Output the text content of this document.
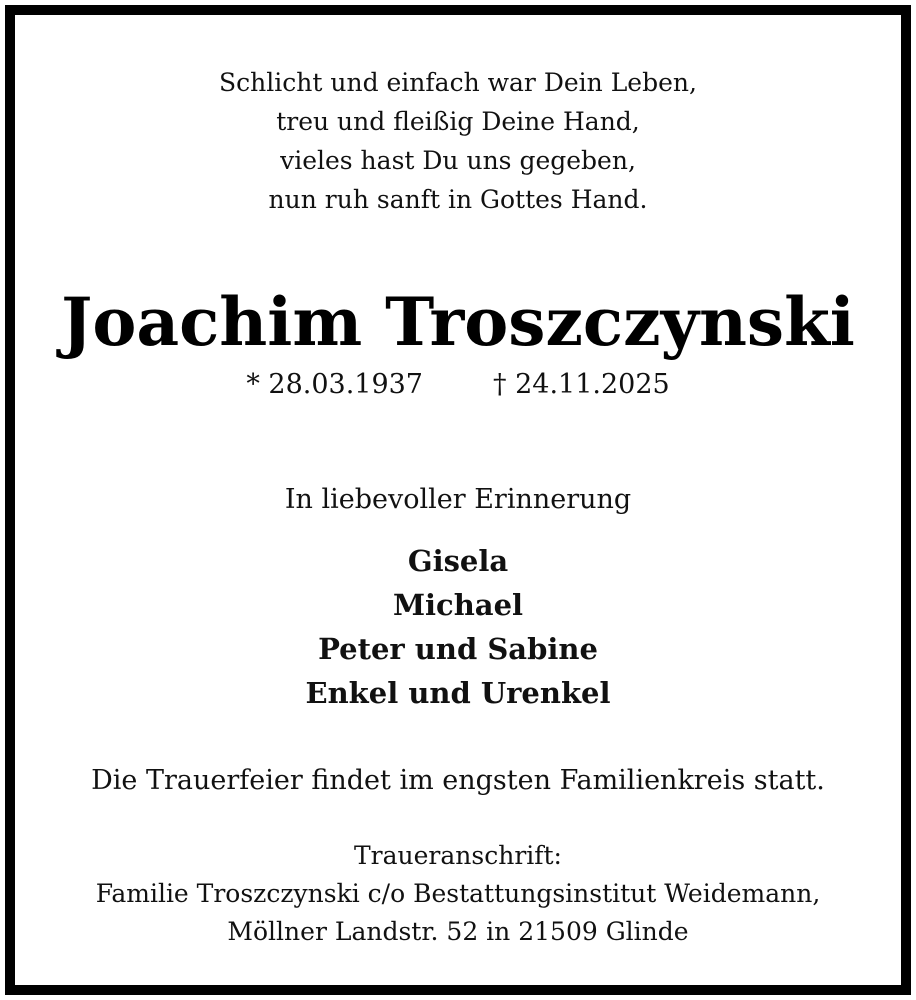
Schlicht und einfach war Dein Leben,
treu und fleißig Deine Hand,
vieles hast Du uns gegeben,
nun ruh sanft in Gottes Hand.
Joachim Troszczynski
* 28.03.1937	† 24.11.2025
In liebevoller Erinnerung
Gisela
Michael
Peter und Sabine
Enkel und Urenkel
Die Trauerfeier findet im engsten Familienkreis statt.
Traueranschrift:
Familie Troszczynski c/o Bestattungsinstitut Weidemann,
Möllner Landstr. 52 in 21509 Glinde
